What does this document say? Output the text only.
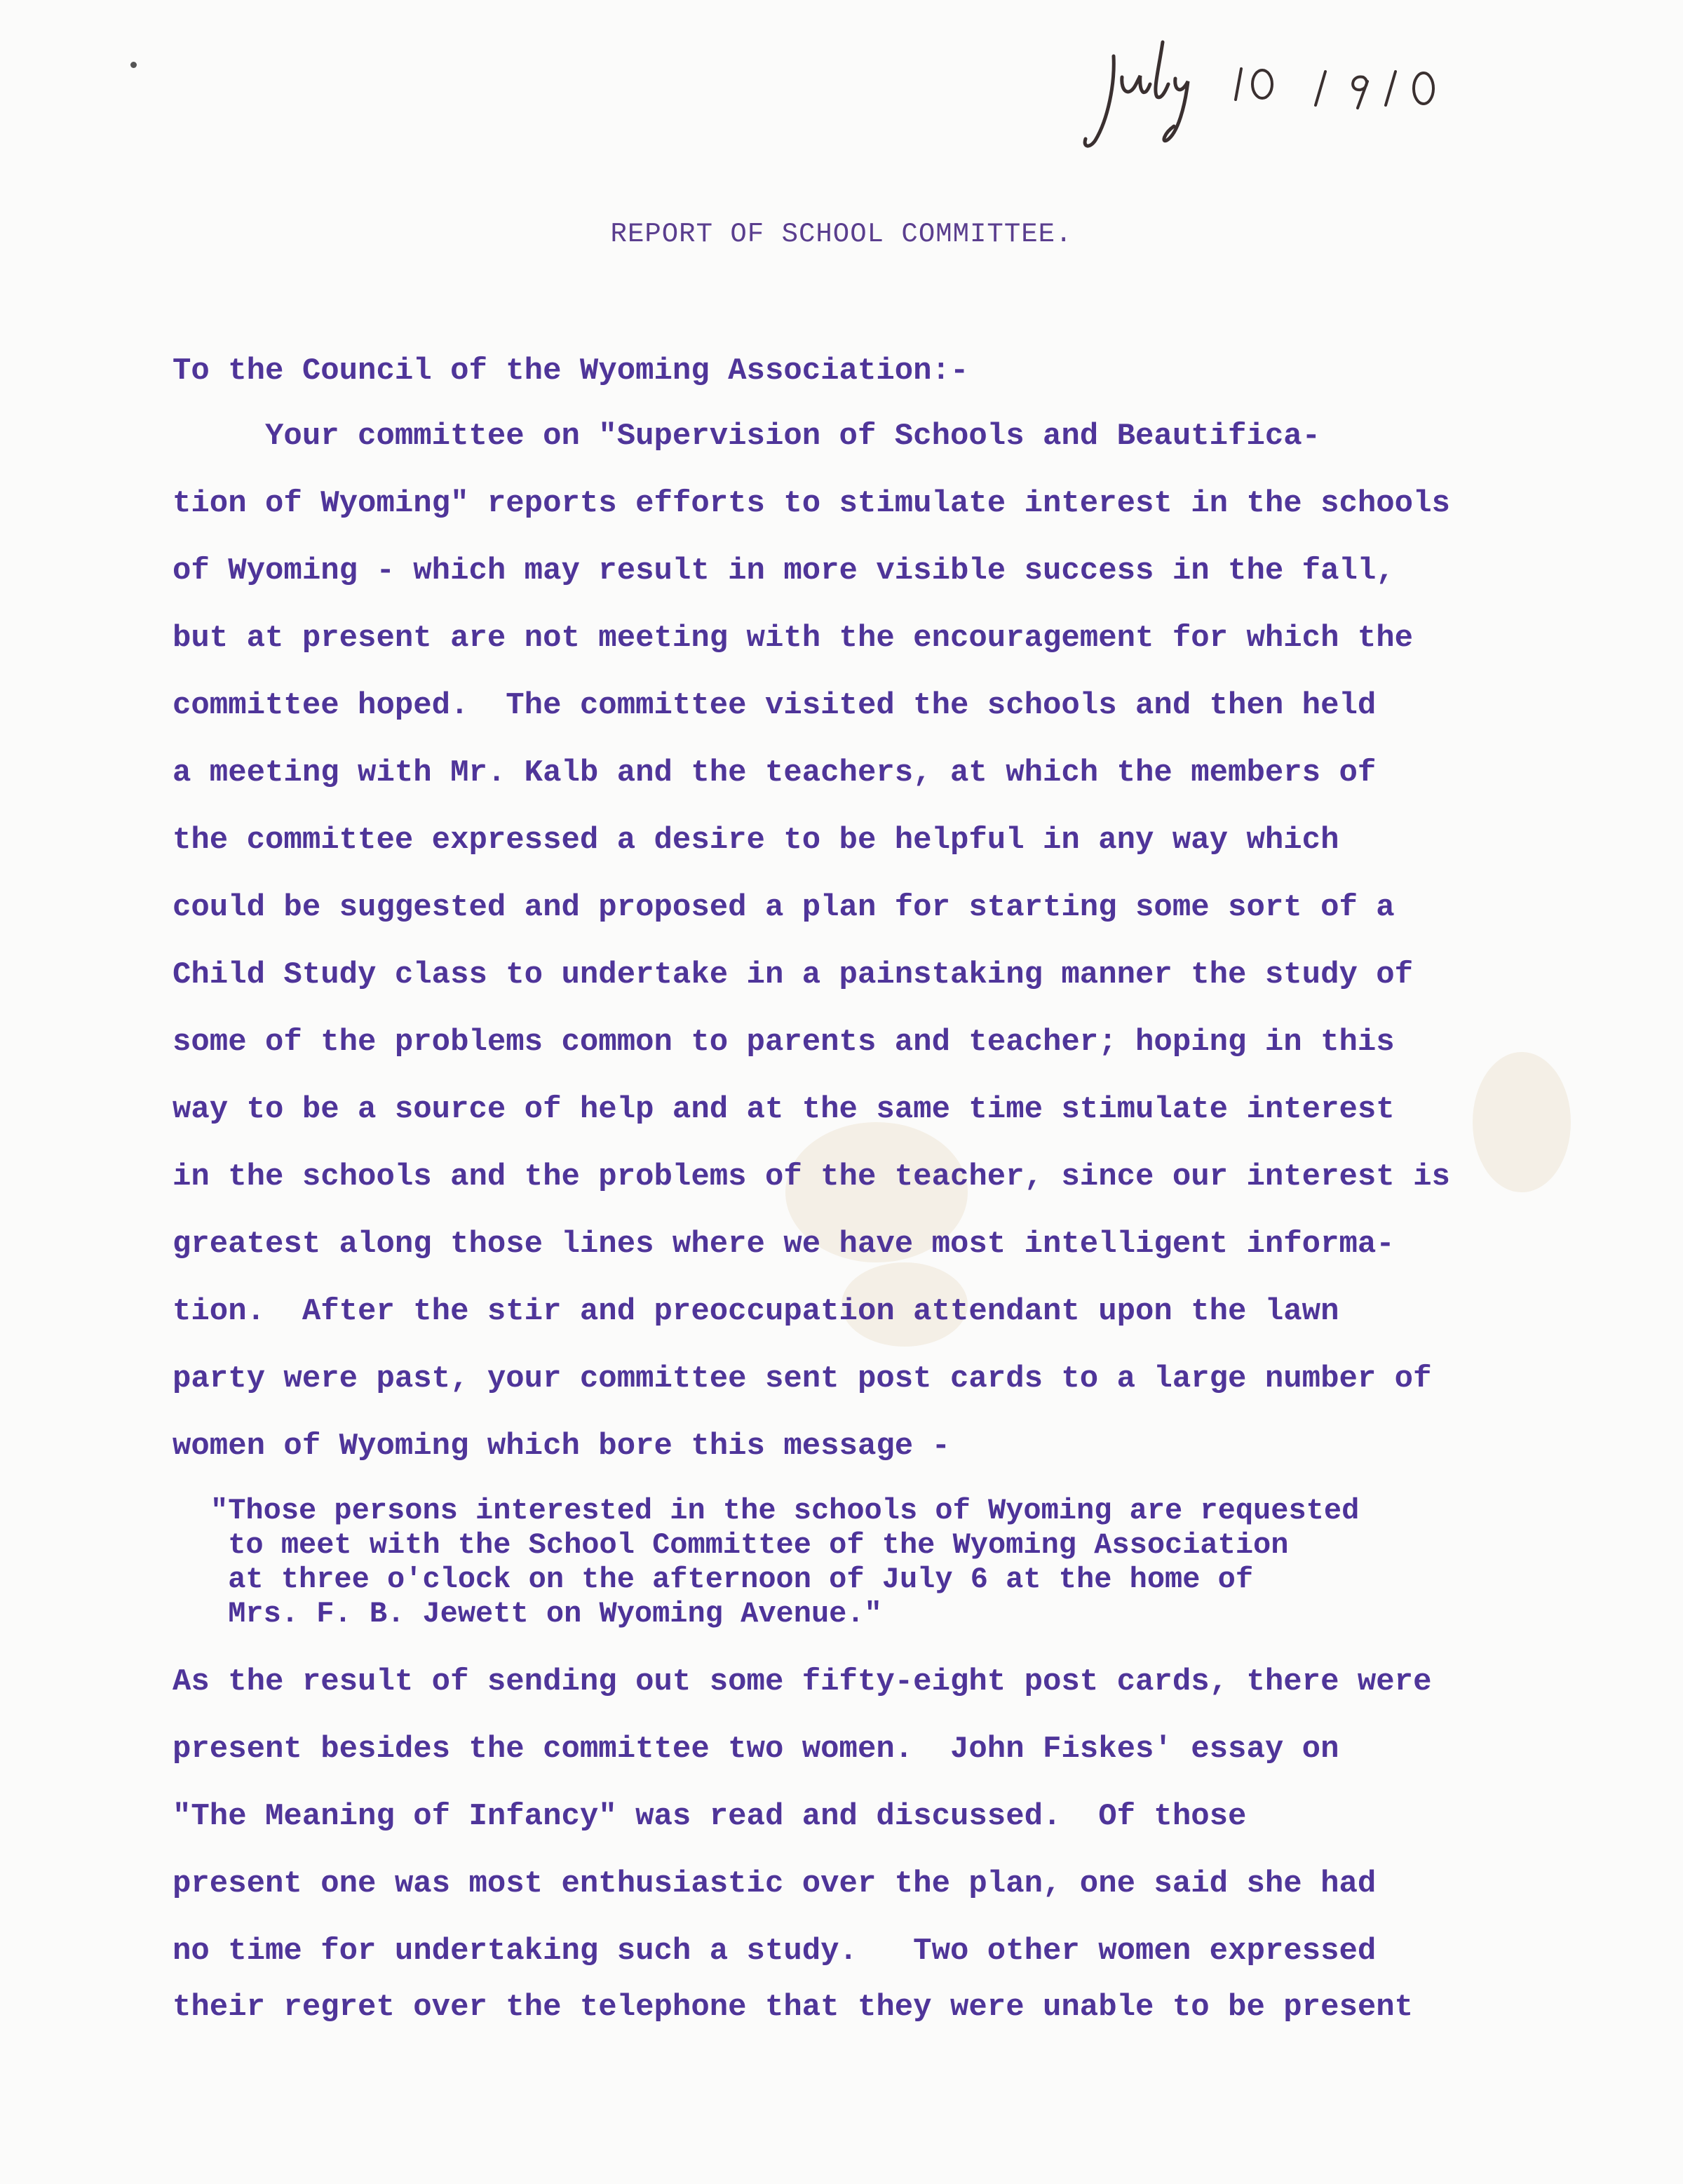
REPORT OF SCHOOL COMMITTEE.
To the Council of the Wyoming Association:-
Your committee on "Supervision of Schools and Beautifica-
tion of Wyoming" reports efforts to stimulate interest in the schools
of Wyoming - which may result in more visible success in the fall,
but at present are not meeting with the encouragement for which the
committee hoped.  The committee visited the schools and then held
a meeting with Mr. Kalb and the teachers, at which the members of
the committee expressed a desire to be helpful in any way which
could be suggested and proposed a plan for starting some sort of a
Child Study class to undertake in a painstaking manner the study of
some of the problems common to parents and teacher; hoping in this
way to be a source of help and at the same time stimulate interest
in the schools and the problems of the teacher, since our interest is
greatest along those lines where we have most intelligent informa-
tion.  After the stir and preoccupation attendant upon the lawn
party were past, your committee sent post cards to a large number of
women of Wyoming which bore this message -
As the result of sending out some fifty-eight post cards, there were
present besides the committee two women.  John Fiskes' essay on
"The Meaning of Infancy" was read and discussed.  Of those
present one was most enthusiastic over the plan, one said she had
no time for undertaking such a study.   Two other women expressed
their regret over the telephone that they were unable to be present
"Those persons interested in the schools of Wyoming are requested
to meet with the School Committee of the Wyoming Association
at three o'clock on the afternoon of July 6 at the home of
Mrs. F. B. Jewett on Wyoming Avenue."
